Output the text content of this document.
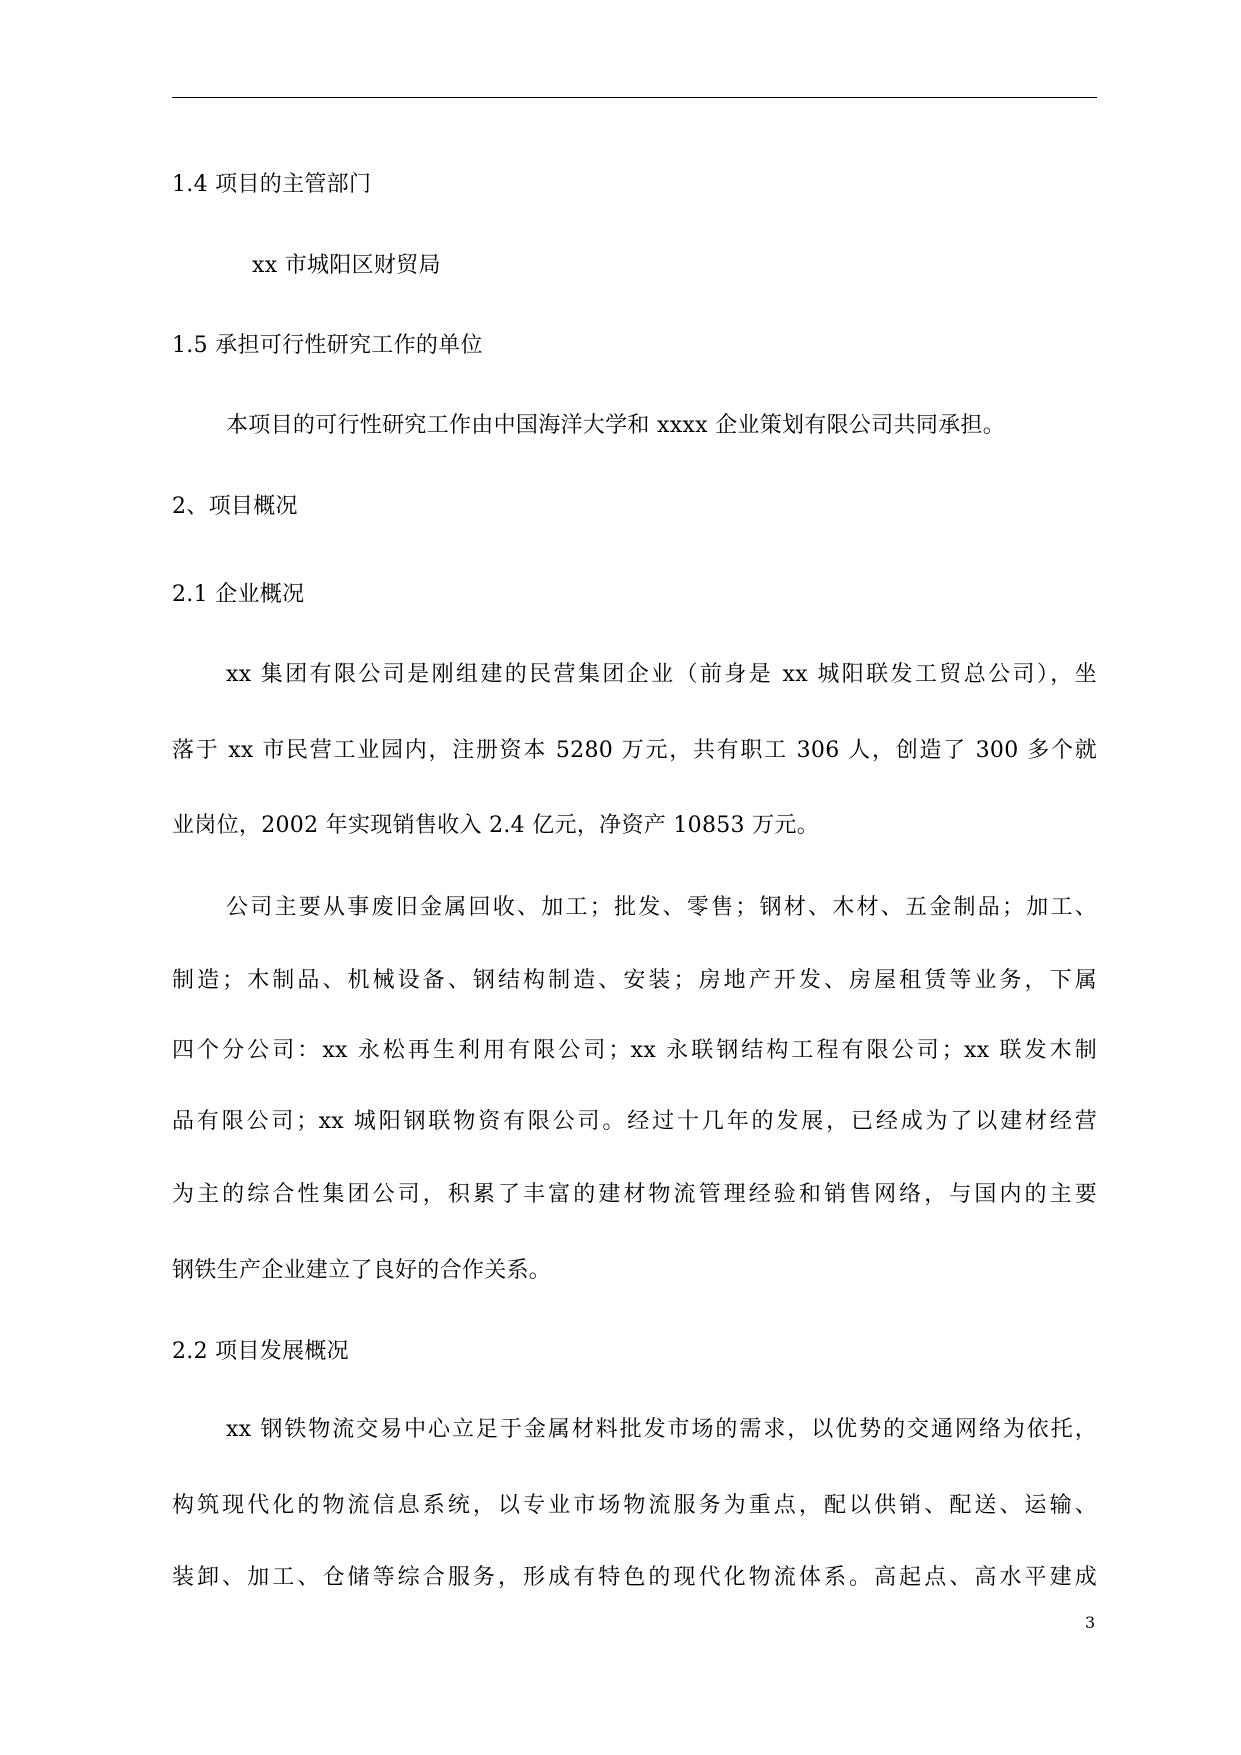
1.4 项目的主管部门
xx 市城阳区财贸局
1.5 承担可行性研究工作的单位
本项目的可行性研究工作由中国海洋大学和 xxxx 企业策划有限公司共同承担。
2、项目概况
2.1 企业概况
xx 集团有限公司是刚组建的民营集团企业（前身是 xx 城阳联发工贸总公司），坐
落于 xx 市民营工业园内，注册资本 5280 万元，共有职工 306 人，创造了 300 多个就
业岗位，2002 年实现销售收入 2.4 亿元，净资产 10853 万元。
公司主要从事废旧金属回收、加工；批发、零售；钢材、木材、五金制品；加工、
制造；木制品、机械设备、钢结构制造、安装；房地产开发、房屋租赁等业务，下属
四个分公司：xx 永松再生利用有限公司；xx 永联钢结构工程有限公司；xx 联发木制
品有限公司；xx 城阳钢联物资有限公司。经过十几年的发展，已经成为了以建材经营
为主的综合性集团公司，积累了丰富的建材物流管理经验和销售网络，与国内的主要
钢铁生产企业建立了良好的合作关系。
2.2 项目发展概况
xx 钢铁物流交易中心立足于金属材料批发市场的需求，以优势的交通网络为依托，
构筑现代化的物流信息系统，以专业市场物流服务为重点，配以供销、配送、运输、
装卸、加工、仓储等综合服务，形成有特色的现代化物流体系。高起点、高水平建成
3
